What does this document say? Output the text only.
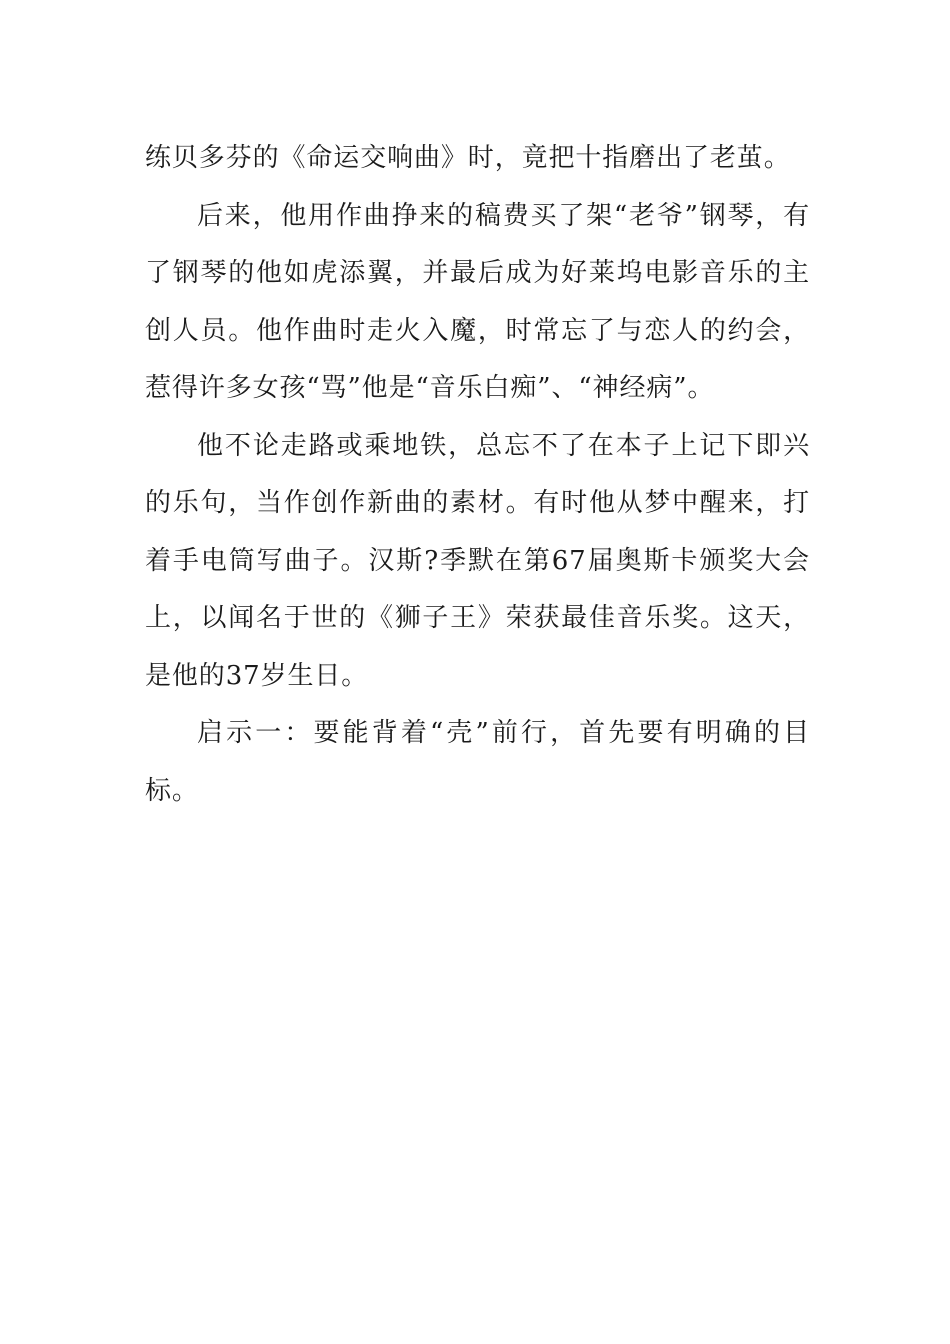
练贝多芬的《命运交响曲》时，竟把十指磨出了老茧。

后来，他用作曲挣来的稿费买了架“老爷”钢琴，有了钢琴的他如虎添翼，并最后成为好莱坞电影音乐的主创人员。他作曲时走火入魔，时常忘了与恋人的约会，惹得许多女孩“骂”他是“音乐白痴”、“神经病”。

他不论走路或乘地铁，总忘不了在本子上记下即兴的乐句，当作创作新曲的素材。有时他从梦中醒来，打着手电筒写曲子。汉斯?季默在第67届奥斯卡颁奖大会上，以闻名于世的《狮子王》荣获最佳音乐奖。这天，是他的37岁生日。

启示一：要能背着“壳”前行，首先要有明确的目标。
